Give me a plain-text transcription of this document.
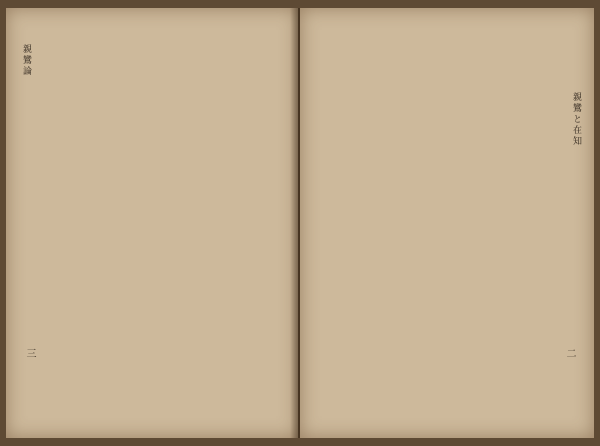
親鸞論
三

親鸞と在知
二
